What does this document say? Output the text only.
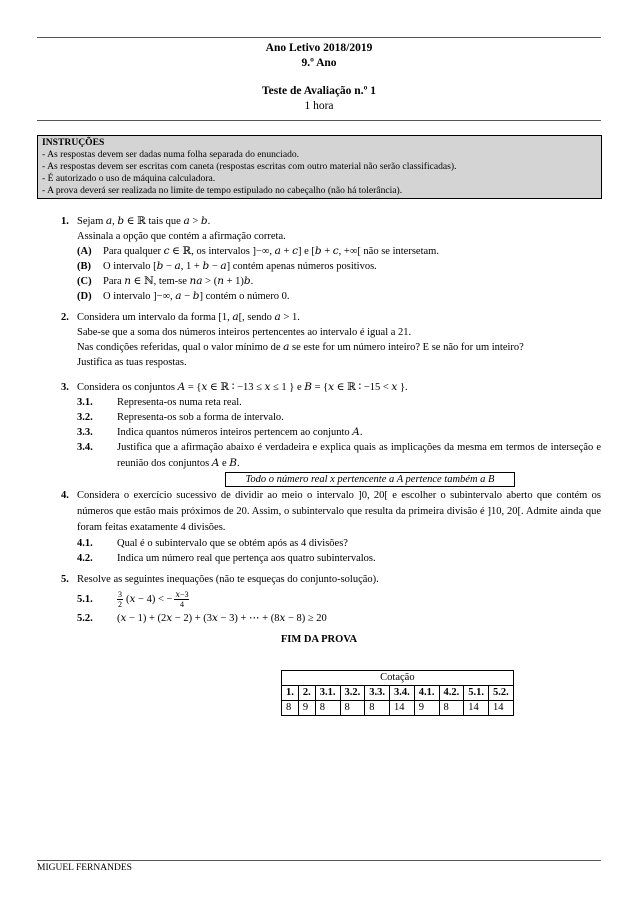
Ano Letivo 2018/2019
9.º Ano
Teste de Avaliação n.º 1
1 hora
INSTRUÇÕES
- As respostas devem ser dadas numa folha separada do enunciado.
- As respostas devem ser escritas com caneta (respostas escritas com outro material não serão classificadas).
- É autorizado o uso de máquina calculadora.
- A prova deverá ser realizada no limite de tempo estipulado no cabeçalho (não há tolerância).
1. Sejam 𝑎, 𝑏 ∈ ℝ tais que 𝑎 > 𝑏.
Assinala a opção que contém a afirmação correta.
(A)	Para qualquer 𝑐 ∈ ℝ, os intervalos ]−∞, 𝑎 + 𝑐] e [𝑏 + 𝑐, +∞[ não se intersetam.
(B)	O intervalo [𝑏 − 𝑎, 1 + 𝑏 − 𝑎] contém apenas números positivos.
(C)	Para 𝑛 ∈ ℕ, tem-se 𝑛𝑎 > (𝑛 + 1)𝑏.
(D)	O intervalo ]−∞, 𝑎 − 𝑏] contém o número 0.
2. Considera um intervalo da forma [1, 𝑎[, sendo 𝑎 > 1.
Sabe-se que a soma dos números inteiros pertencentes ao intervalo é igual a 21.
Nas condições referidas, qual o valor mínimo de 𝑎 se este for um número inteiro? E se não for um inteiro?
Justifica as tuas respostas.
3. Considera os conjuntos 𝐴 = {𝑥 ∈ ℝ ∶ −13 ≤ 𝑥 ≤ 1 } e 𝐵 = {𝑥 ∈ ℝ ∶ −15 < 𝑥 }.
3.1.	Representa-os numa reta real.
3.2.	Representa-os sob a forma de intervalo.
3.3.	Indica quantos números inteiros pertencem ao conjunto 𝐴.
3.4.	Justifica que a afirmação abaixo é verdadeira e explica quais as implicações da mesma em termos de interseção e reunião dos conjuntos 𝐴 e 𝐵.
Todo o número real x pertencente a A pertence também a B
4. Considera o exercício sucessivo de dividir ao meio o intervalo ]0, 20[ e escolher o subintervalo aberto que contém os números que estão mais próximos de 20. Assim, o subintervalo que resulta da primeira divisão é ]10, 20[. Admite ainda que foram feitas exatamente 4 divisões.
4.1.	Qual é o subintervalo que se obtém após as 4 divisões?
4.2.	Indica um número real que pertença aos quatro subintervalos.
5. Resolve as seguintes inequações (não te esqueças do conjunto-solução).
5.1.	$\frac{3}{2}$ (𝑥 − 4) < − 𝑥−3
4
5.2.	(𝑥 − 1) + (2𝑥 − 2) + (3𝑥 − 3) + ⋯ + (8𝑥 − 8) ≥ 20
FIM DA PROVA
Cotação									
1.	2.	3.1.	3.2.	3.3.	3.4.	4.1.	4.2.	5.1.	5.2.
8	9	8	8	8	14	9	8	14	14
MIGUEL FERNANDES
